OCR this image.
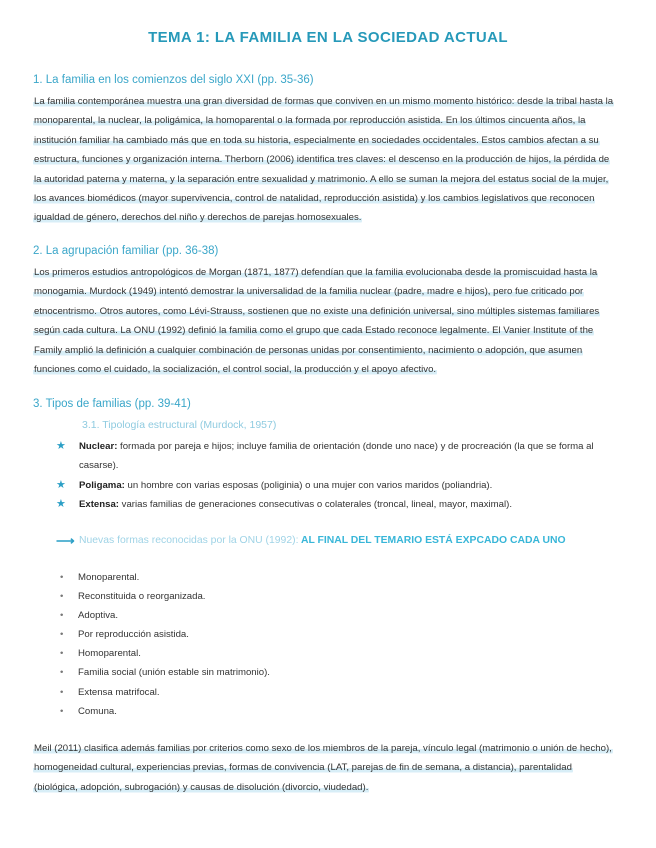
TEMA 1: LA FAMILIA EN LA SOCIEDAD ACTUAL
1. La familia en los comienzos del siglo XXI (pp. 35-36)
La familia contemporánea muestra una gran diversidad de formas que conviven en un mismo momento histórico: desde la tribal hasta la monoparental, la nuclear, la poligámica, la homoparental o la formada por reproducción asistida. En los últimos cincuenta años, la institución familiar ha cambiado más que en toda su historia, especialmente en sociedades occidentales. Estos cambios afectan a su estructura, funciones y organización interna. Therborn (2006) identifica tres claves: el descenso en la producción de hijos, la pérdida de la autoridad paterna y materna, y la separación entre sexualidad y matrimonio. A ello se suman la mejora del estatus social de la mujer, los avances biomédicos (mayor supervivencia, control de natalidad, reproducción asistida) y los cambios legislativos que reconocen igualdad de género, derechos del niño y derechos de parejas homosexuales.
2. La agrupación familiar (pp. 36-38)
Los primeros estudios antropológicos de Morgan (1871, 1877) defendían que la familia evolucionaba desde la promiscuidad hasta la monogamia. Murdock (1949) intentó demostrar la universalidad de la familia nuclear (padre, madre e hijos), pero fue criticado por etnocentrismo. Otros autores, como Lévi-Strauss, sostienen que no existe una definición universal, sino múltiples sistemas familiares según cada cultura. La ONU (1992) definió la familia como el grupo que cada Estado reconoce legalmente. El Vanier Institute of the Family amplió la definición a cualquier combinación de personas unidas por consentimiento, nacimiento o adopción, que asumen funciones como el cuidado, la socialización, el control social, la producción y el apoyo afectivo.
3. Tipos de familias (pp. 39-41)
3.1. Tipología estructural (Murdock, 1957)
★	Nuclear: formada por pareja e hijos; incluye familia de orientación (donde uno nace) y de procreación (la que se forma al casarse).
★	Poligama: un hombre con varias esposas (poliginia) o una mujer con varios maridos (poliandria).
★	Extensa: varias familias de generaciones consecutivas o colaterales (troncal, lineal, mayor, maximal).
⟶ Nuevas formas reconocidas por la ONU (1992): AL FINAL DEL TEMARIO ESTÁ EXPCADO CADA UNO
• Monoparental.
• Reconstituida o reorganizada.
• Adoptiva.
• Por reproducción asistida.
• Homoparental.
• Familia social (unión estable sin matrimonio).
• Extensa matrifocal.
• Comuna.
Meil (2011) clasifica además familias por criterios como sexo de los miembros de la pareja, vínculo legal (matrimonio o unión de hecho), homogeneidad cultural, experiencias previas, formas de convivencia (LAT, parejas de fin de semana, a distancia), parentalidad (biológica, adopción, subrogación) y causas de disolución (divorcio, viudedad).
